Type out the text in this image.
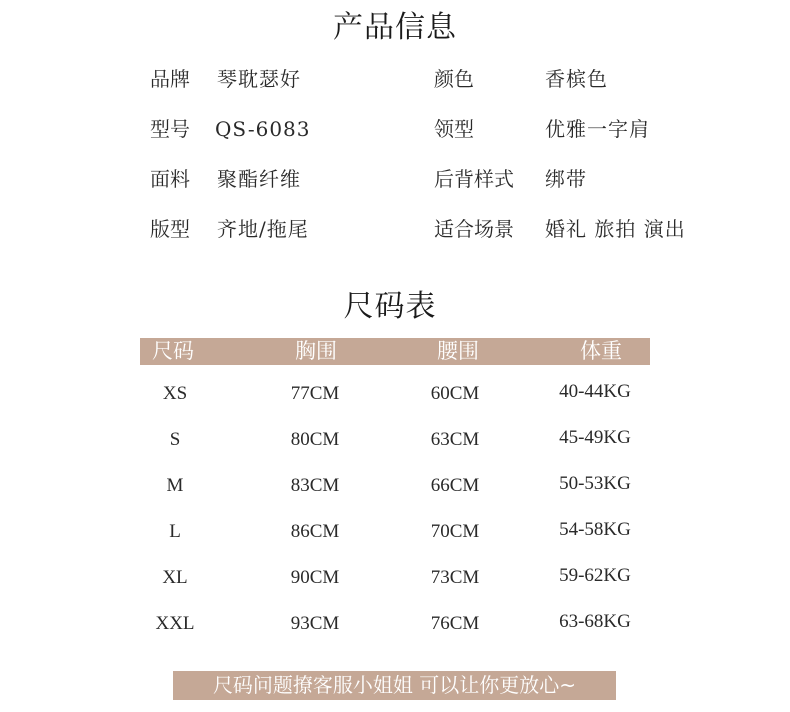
产品信息
品牌 琴耽瑟好	颜色	香槟色
型号 QS-6083	领型	优雅一字肩
面料 聚酯纤维	后背样式 绑带
版型 齐地/拖尾	适合场景 婚礼 旅拍 演出
尺码表
尺码	胸围	腰围	体重
XS	77CM	60CM	40-44KG
S	80CM	63CM	45-49KG
M	83CM	66CM	50-53KG
L	86CM	70CM	54-58KG
XL	90CM	73CM	59-62KG
XXL	93CM	76CM	63-68KG
尺码问题撩客服小姐姐 可以让你更放心~
